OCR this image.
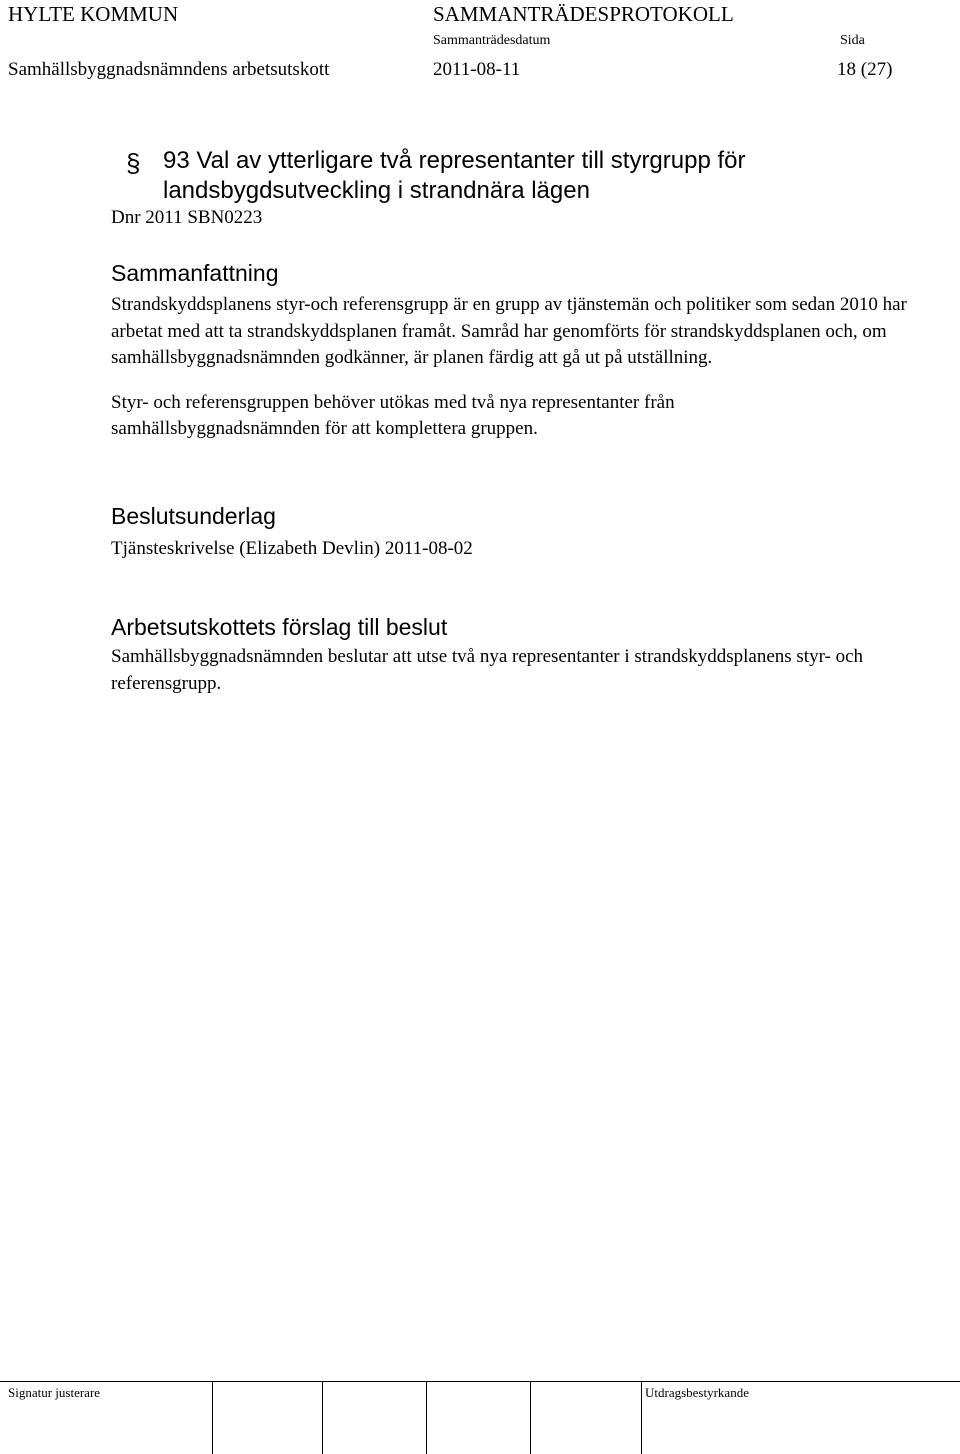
HYLTE KOMMUN	SAMMANTRÄDESPROTOKOLL
Sammanträdesdatum	Sida
Samhällsbyggnadsnämndens arbetsutskott	2011-08-11	18 (27)
§ 93 Val av ytterligare två representanter till styrgrupp för landsbygdsutveckling i strandnära lägen
Dnr 2011 SBN0223
Sammanfattning
Strandskyddsplanens styr-och referensgrupp är en grupp av tjänstemän och politiker som sedan 2010 har arbetat med att ta strandskyddsplanen framåt. Samråd har genomförts för strandskyddsplanen och, om samhällsbyggnadsnämnden godkänner, är planen färdig att gå ut på utställning.
Styr- och referensgruppen behöver utökas med två nya representanter från samhällsbyggnadsnämnden för att komplettera gruppen.
Beslutsunderlag
Tjänsteskrivelse (Elizabeth Devlin) 2011-08-02
Arbetsutskottets förslag till beslut
Samhällsbyggnadsnämnden beslutar att utse två nya representanter i strandskyddsplanens styr- och referensgrupp.
Signatur justerare	Utdragsbestyrkande
